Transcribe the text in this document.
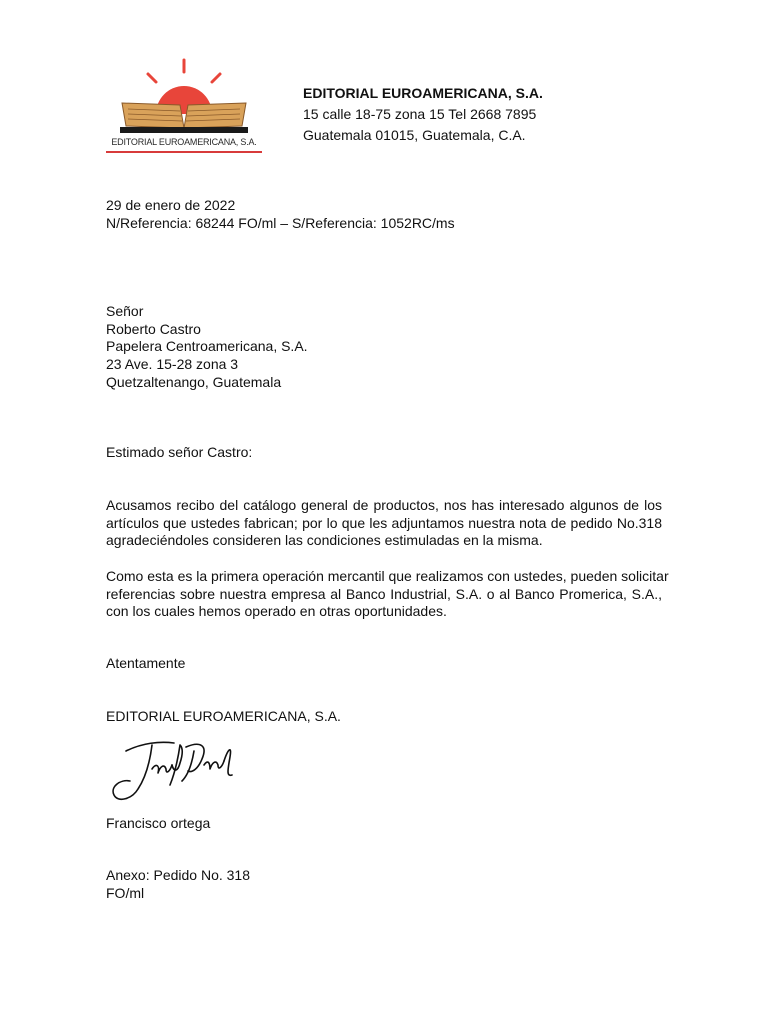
EDITORIAL EUROAMERICANA, S.A.
EDITORIAL EUROAMERICANA, S.A.
15 calle 18-75 zona 15 Tel 2668 7895
Guatemala 01015, Guatemala, C.A.
29 de enero de 2022
N/Referencia: 68244 FO/ml – S/Referencia: 1052RC/ms
Señor
Roberto Castro
Papelera Centroamericana, S.A.
23 Ave. 15-28 zona 3
Quetzaltenango, Guatemala
Estimado señor Castro:
Acusamos recibo del catálogo general de productos, nos has interesado algunos de los
artículos que ustedes fabrican; por lo que les adjuntamos nuestra nota de pedido No.318
agradeciéndoles consideren las condiciones estimuladas en la misma.
Como esta es la primera operación mercantil que realizamos con ustedes, pueden solicitar
referencias sobre nuestra empresa al Banco Industrial, S.A. o al Banco Promerica, S.A.,
con los cuales hemos operado en otras oportunidades.
Atentamente
EDITORIAL EUROAMERICANA, S.A.
Francisco ortega
Anexo: Pedido No. 318
FO/ml
